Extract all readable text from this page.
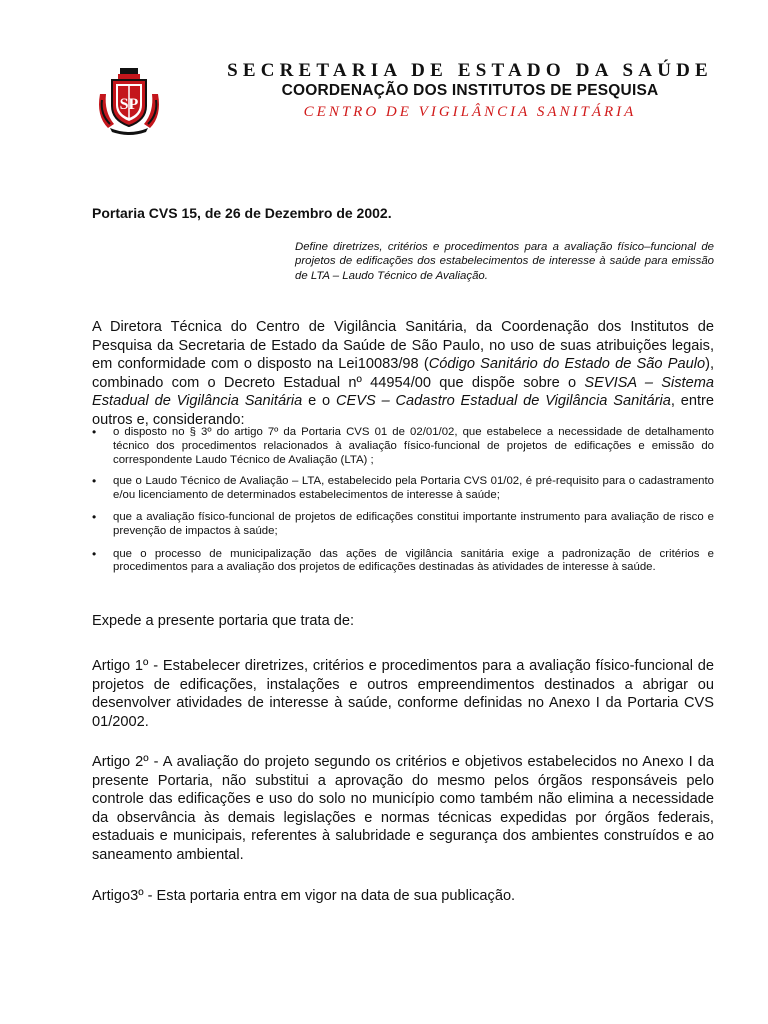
SP
SECRETARIA DE ESTADO DA SAÚDE
COORDENAÇÃO DOS INSTITUTOS DE PESQUISA
CENTRO DE VIGILÂNCIA SANITÁRIA
Portaria CVS 15, de 26 de Dezembro de 2002.
Define diretrizes, critérios e procedimentos para a avaliação físico–funcional de projetos de edificações dos estabelecimentos de interesse à saúde para emissão de LTA – Laudo Técnico de Avaliação.
A Diretora Técnica do Centro de Vigilância Sanitária, da Coordenação dos Institutos de Pesquisa da Secretaria de Estado da Saúde de São Paulo, no uso de suas atribuições legais, em conformidade com o disposto na Lei10083/98 (Código Sanitário do Estado de São Paulo), combinado com o Decreto Estadual nº 44954/00 que dispõe sobre o SEVISA – Sistema Estadual de Vigilância Sanitária e o CEVS – Cadastro Estadual de Vigilância Sanitária, entre outros e, considerando:
• o disposto no § 3º do artigo 7º da Portaria CVS 01 de 02/01/02, que estabelece a necessidade de detalhamento técnico dos procedimentos relacionados à avaliação físico-funcional de projetos de edificações e emissão do correspondente Laudo Técnico de Avaliação (LTA) ;
• que o Laudo Técnico de Avaliação – LTA, estabelecido pela Portaria CVS 01/02, é pré-requisito para o cadastramento e/ou licenciamento de determinados estabelecimentos de interesse à saúde;
• que a avaliação físico-funcional de projetos de edificações constitui importante instrumento para avaliação de risco e prevenção de impactos à saúde;
• que o processo de municipalização das ações de vigilância sanitária exige a padronização de critérios e procedimentos para a avaliação dos projetos de edificações destinadas às atividades de interesse à saúde.
Expede a presente portaria que trata de:
Artigo 1º - Estabelecer diretrizes, critérios e procedimentos para a avaliação físico-funcional de projetos de edificações, instalações e outros empreendimentos destinados a abrigar ou desenvolver atividades de interesse à saúde, conforme definidas no Anexo I da Portaria CVS 01/2002.
Artigo 2º - A avaliação do projeto segundo os critérios e objetivos estabelecidos no Anexo I da presente Portaria, não substitui a aprovação do mesmo pelos órgãos responsáveis pelo controle das edificações e uso do solo no município como também não elimina a necessidade da observância às demais legislações e normas técnicas expedidas por órgãos federais, estaduais e municipais, referentes à salubridade e segurança dos ambientes construídos e ao saneamento ambiental.
Artigo3º - Esta portaria entra em vigor na data de sua publicação.
